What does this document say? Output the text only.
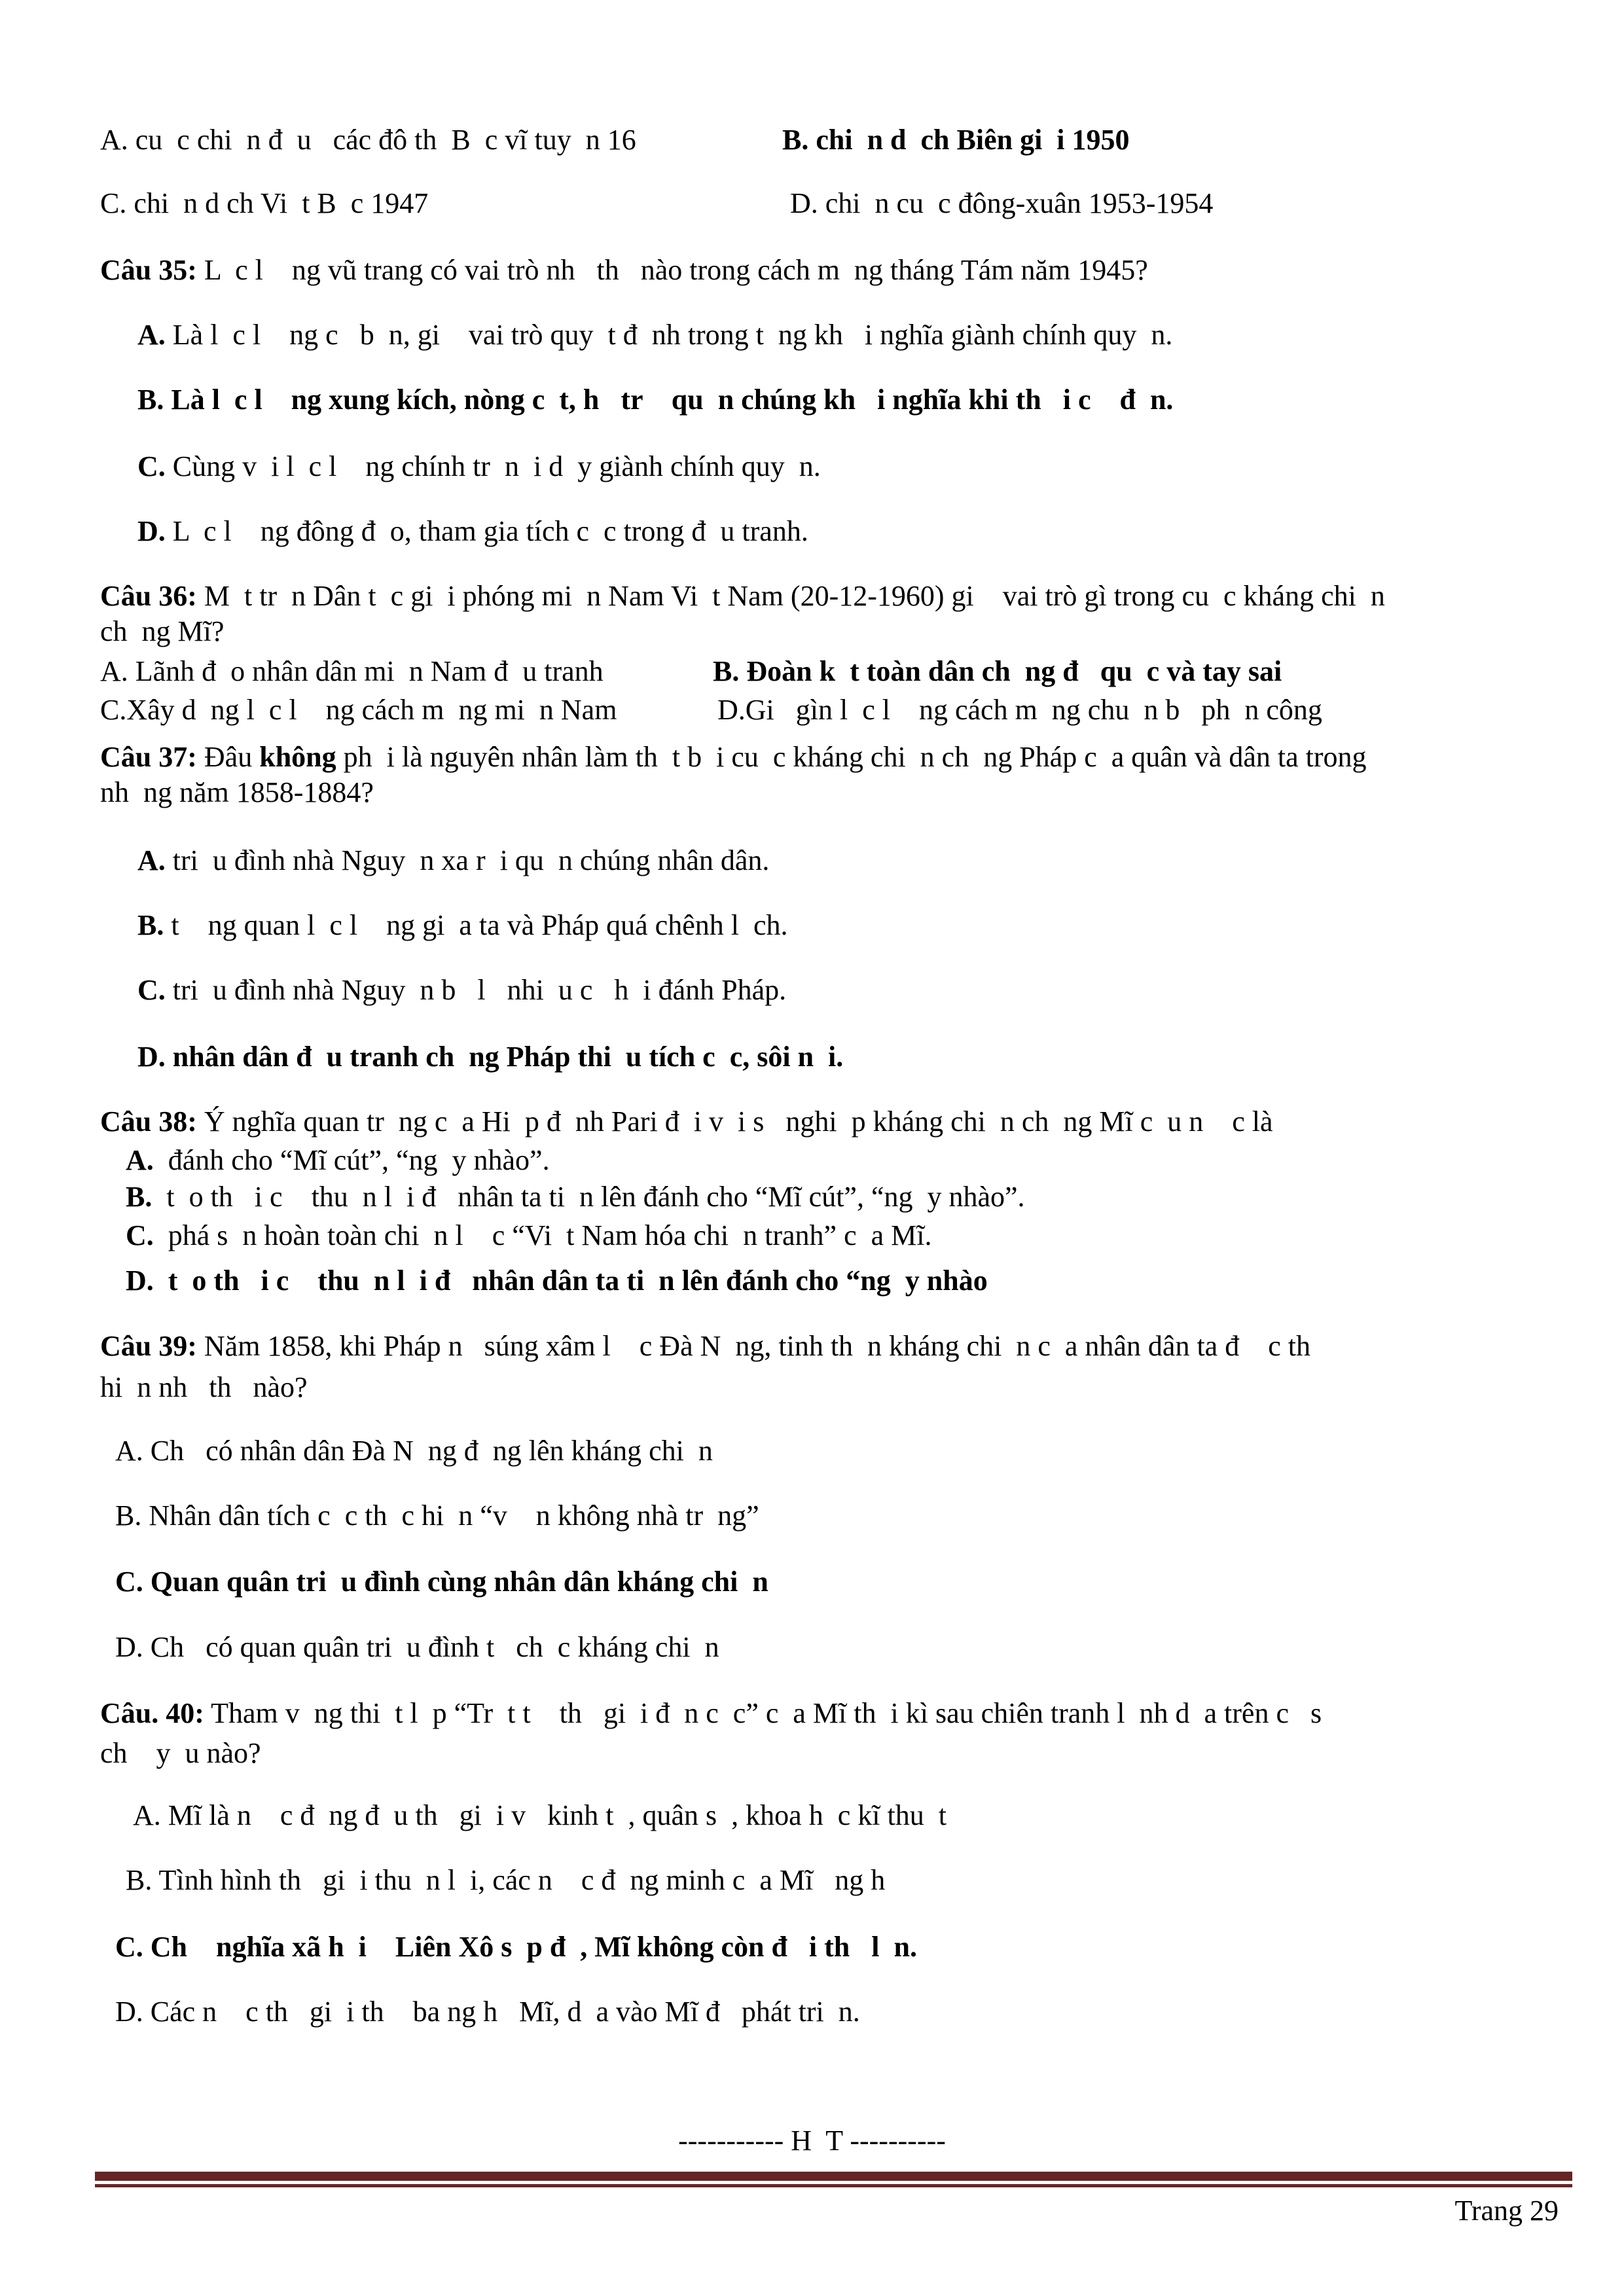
A. cu  c chi  n đ  u   các đô th  B  c vĩ tuy  n 16	B. chi  n d  ch Biên gi  i 1950
C. chi  n d ch Vi  t B  c 1947	D. chi  n cu  c đông-xuân 1953-1954
Câu 35: L  c l    ng vũ trang có vai trò nh   th   nào trong cách m  ng tháng Tám năm 1945?
A. Là l  c l    ng c   b  n, gi    vai trò quy  t đ  nh trong t  ng kh   i nghĩa giành chính quy  n.
B. Là l  c l    ng xung kích, nòng c  t, h   tr    qu  n chúng kh   i nghĩa khi th   i c    đ  n.
C. Cùng v  i l  c l    ng chính tr  n  i d  y giành chính quy  n.
D. L  c l    ng đông đ  o, tham gia tích c  c trong đ  u tranh.
Câu 36: M  t tr  n Dân t  c gi  i phóng mi  n Nam Vi  t Nam (20-12-1960) gi    vai trò gì trong cu  c kháng chi  n
ch  ng Mĩ?
A. Lãnh đ  o nhân dân mi  n Nam đ  u tranh	B. Đoàn k  t toàn dân ch  ng đ   qu  c và tay sai
C.Xây d  ng l  c l    ng cách m  ng mi  n Nam	D.Gi   gìn l  c l    ng cách m  ng chu  n b   ph  n công
Câu 37: Đâu không ph  i là nguyên nhân làm th  t b  i cu  c kháng chi  n ch  ng Pháp c  a quân và dân ta trong
nh  ng năm 1858-1884?
A. tri  u đình nhà Nguy  n xa r  i qu  n chúng nhân dân.
B. t    ng quan l  c l    ng gi  a ta và Pháp quá chênh l  ch.
C. tri  u đình nhà Nguy  n b   l   nhi  u c   h  i đánh Pháp.
D. nhân dân đ  u tranh ch  ng Pháp thi  u tích c  c, sôi n  i.
Câu 38: Ý nghĩa quan tr  ng c  a Hi  p đ  nh Pari đ  i v  i s   nghi  p kháng chi  n ch  ng Mĩ c  u n    c là
A.  đánh cho “Mĩ cút”, “ng  y nhào”.
B.  t  o th   i c    thu  n l  i đ   nhân ta ti  n lên đánh cho “Mĩ cút”, “ng  y nhào”.
C.  phá s  n hoàn toàn chi  n l    c “Vi  t Nam hóa chi  n tranh” c  a Mĩ.
D.  t  o th   i c    thu  n l  i đ   nhân dân ta ti  n lên đánh cho “ng  y nhào
Câu 39: Năm 1858, khi Pháp n   súng xâm l    c Đà N  ng, tinh th  n kháng chi  n c  a nhân dân ta đ    c th
hi  n nh   th   nào?
A. Ch   có nhân dân Đà N  ng đ  ng lên kháng chi  n
B. Nhân dân tích c  c th  c hi  n “v    n không nhà tr  ng”
C. Quan quân tri  u đình cùng nhân dân kháng chi  n
D. Ch   có quan quân tri  u đình t   ch  c kháng chi  n
Câu. 40: Tham v  ng thi  t l  p “Tr  t t    th   gi  i đ  n c  c” c  a Mĩ th  i kì sau chiên tranh l  nh d  a trên c   s
ch    y  u nào?
A. Mĩ là n    c đ  ng đ  u th   gi  i v   kinh t  , quân s  , khoa h  c kĩ thu  t
B. Tình hình th   gi  i thu  n l  i, các n    c đ  ng minh c  a Mĩ   ng h
C. Ch    nghĩa xã h  i    Liên Xô s  p đ  , Mĩ không còn đ   i th   l  n.
D. Các n    c th   gi  i th    ba ng h   Mĩ, d  a vào Mĩ đ   phát tri  n.
----------- H  T ----------
Trang 29
